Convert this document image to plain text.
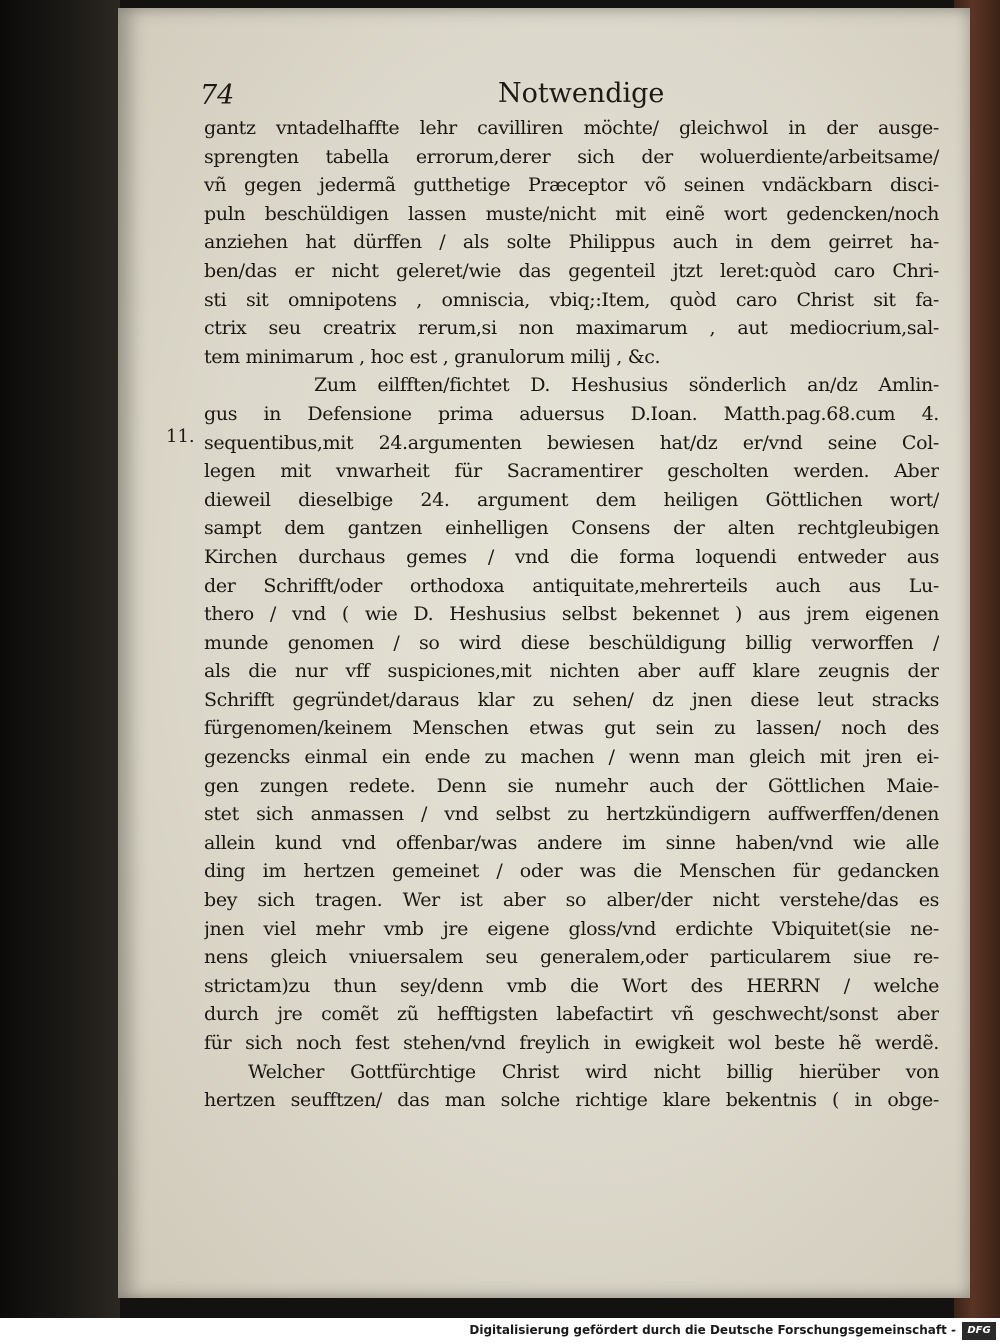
74	Notwendige
11.
gantz vntadelhaffte lehr cavilliren möchte/ gleichwol in der ausge-
sprengten tabella errorum,derer sich der woluerdiente/arbeitsame/
vñ gegen jedermã gutthetige Præceptor võ seinen vndäckbarn disci-
puln beschüldigen lassen muste/nicht mit einẽ wort gedencken/noch
anziehen hat dürffen / als solte Philippus auch in dem geirret ha-
ben/das er nicht geleret/wie das gegenteil jtzt leret:quòd caro Chri-
sti sit omnipotens , omniscia, vbiq;:Item, quòd caro Christ sit fa-
ctrix seu creatrix rerum,si non maximarum , aut mediocrium,sal-
tem minimarum , hoc est , granulorum milij , &c.
Zum eilfften/fichtet D. Heshusius sönderlich an/dz Amlin-
gus in Defensione prima aduersus D.Ioan. Matth.pag.68.cum 4.
sequentibus,mit 24.argumenten bewiesen hat/dz er/vnd seine Col-
legen mit vnwarheit für Sacramentirer gescholten werden. Aber
dieweil dieselbige 24. argument dem heiligen Göttlichen wort/
sampt dem gantzen einhelligen Consens der alten rechtgleubigen
Kirchen durchaus gemes / vnd die forma loquendi entweder aus
der Schrifft/oder orthodoxa antiquitate,mehrerteils auch aus Lu-
thero / vnd ( wie D. Heshusius selbst bekennet ) aus jrem eigenen
munde genomen / so wird diese beschüldigung billig verworffen /
als die nur vff suspiciones,mit nichten aber auff klare zeugnis der
Schrifft gegründet/daraus klar zu sehen/ dz jnen diese leut stracks
fürgenomen/keinem Menschen etwas gut sein zu lassen/ noch des
gezencks einmal ein ende zu machen / wenn man gleich mit jren ei-
gen zungen redete. Denn sie numehr auch der Göttlichen Maie-
stet sich anmassen / vnd selbst zu hertzkündigern auffwerffen/denen
allein kund vnd offenbar/was andere im sinne haben/vnd wie alle
ding im hertzen gemeinet / oder was die Menschen für gedancken
bey sich tragen. Wer ist aber so alber/der nicht verstehe/das es
jnen viel mehr vmb jre eigene gloss/vnd erdichte Vbiquitet(sie ne-
nens gleich vniuersalem seu generalem,oder particularem siue re-
strictam)zu thun sey/denn vmb die Wort des HERRN / welche
durch jre comẽt zũ hefftigsten labefactirt vñ geschwecht/sonst aber
für sich noch fest stehen/vnd freylich in ewigkeit wol beste hẽ werdẽ.
Welcher Gottfürchtige Christ wird nicht billig hierüber von
hertzen seufftzen/ das man solche richtige klare bekentnis ( in obge-
Digitalisierung gefördert durch die Deutsche Forschungsgemeinschaft -	DFG
